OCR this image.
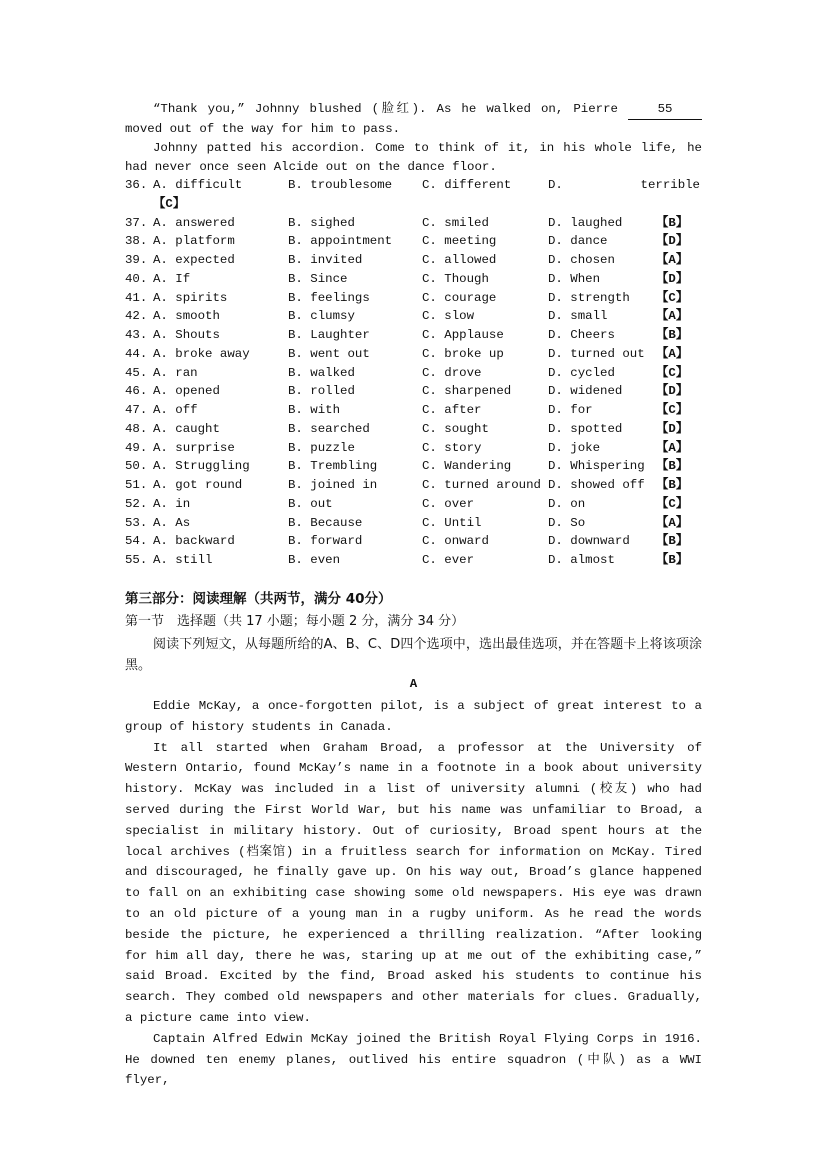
“Thank you,” Johnny blushed (脸红). As he walked on, Pierre	55 moved out of the way for him to pass.
Johnny patted his accordion. Come to think of it, in his whole life, he had never once seen Alcide out on the dance floor.
36. A. difficult	B. troublesome C. different	D. terrible
【C】
37. A. answered	B. sighed	C. smiled	D. laughed	【B】
38. A. platform	B. appointment C. meeting	D. dance	【D】
39. A. expected	B. invited	C. allowed	D. chosen	【A】
40. A. If	B. Since	C. Though	D. When	【D】
41. A. spirits	B. feelings	C. courage	D. strength 【C】
42. A. smooth	B. clumsy	C. slow	D. small	【A】
43. A. Shouts	B. Laughter	C. Applause	D. Cheers	【B】
44. A. broke away	B. went out	C. broke up	D. turned out 【A】
45. A. ran	B. walked	C. drove	D. cycled	【C】
46. A. opened	B. rolled	C. sharpened	D. widened	【D】
47. A. off	B. with	C. after	D. for	【C】
48. A. caught	B. searched	C. sought	D. spotted	【D】
49. A. surprise	B. puzzle	C. story	D. joke	【A】
50. A. Struggling	B. Trembling	C. Wandering	D. Whispering 【B】
51. A. got round	B. joined in	C. turned around D. showed off 【B】
52. A. in	B. out	C. over	D. on	【C】
53. A. As	B. Because	C. Until	D. So	【A】
54. A. backward	B. forward	C. onward	D. downward 【B】
55. A. still	B. even	C. ever	D. almost	【B】
第三部分：阅读理解（共两节，满分 40分）
第一节　选择题（共 17 小题；每小题 2 分，满分 34 分）
阅读下列短文，从每题所给的A、B、C、D四个选项中，选出最佳选项，并在答题卡上将该项涂黑。
A

Eddie McKay, a once-forgotten pilot, is a subject of great interest to a group of history students in Canada.

It all started when Graham Broad, a professor at the University of Western Ontario, found McKay’s name in a footnote in a book about university history. McKay was included in a list of university alumni (校友) who had served during the First World War, but his name was unfamiliar to Broad, a specialist in military history. Out of curiosity, Broad spent hours at the local archives (档案馆) in a fruitless search for information on McKay. Tired and discouraged, he finally gave up. On his way out, Broad’s glance happened to fall on an exhibiting case showing some old newspapers. His eye was drawn to an old picture of a young man in a rugby uniform. As he read the words beside the picture, he experienced a thrilling realization. “After looking for him all day, there he was, staring up at me out of the exhibiting case,” said Broad. Excited by the find, Broad asked his students to continue his search. They combed old newspapers and other materials for clues. Gradually, a picture came into view.

Captain Alfred Edwin McKay joined the British Royal Flying Corps in 1916. He downed ten enemy planes, outlived his entire squadron (中队) as a WWI flyer,
